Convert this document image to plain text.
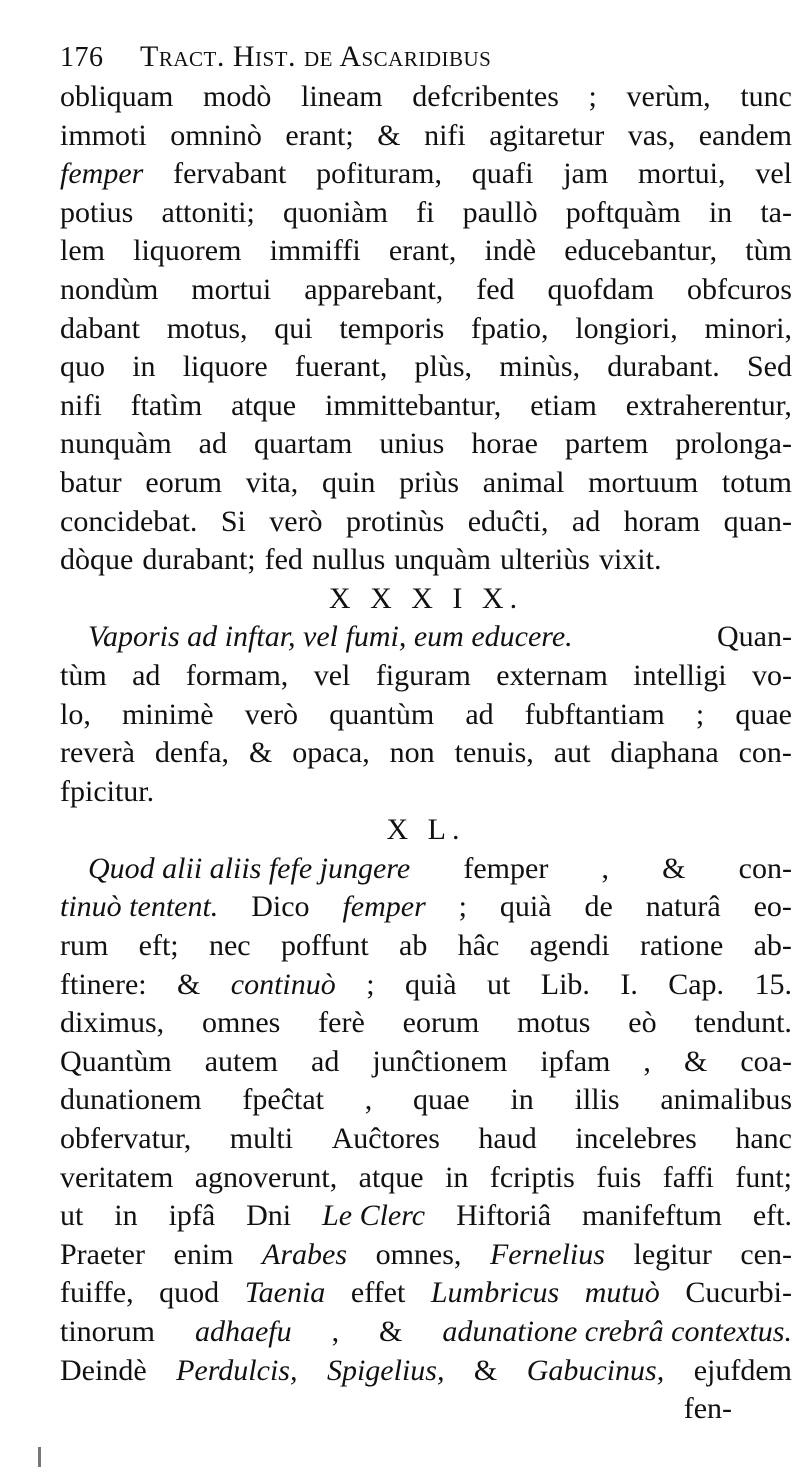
176	Tract. Hist. de Ascaridibus
obliquam modò lineam defcribentes ; verùm, tunc
immoti omninò erant; & nifi agitaretur vas, eandem
femper fervabant pofituram, quafi jam mortui, vel
potius attoniti; quoniàm fi paullò poftquàm in ta-
lem liquorem immiffi erant, indè educebantur, tùm
nondùm mortui apparebant, fed quofdam obfcuros
dabant motus, qui temporis fpatio, longiori, minori,
quo in liquore fuerant, plùs, minùs, durabant. Sed
nifi ftatìm atque immittebantur, etiam extraherentur,
nunquàm ad quartam unius horae partem prolonga-
batur eorum vita, quin priùs animal mortuum totum
concidebat. Si verò protinùs eduĉti, ad horam quan-
dòque durabant; fed nullus unquàm ulteriùs vixit.
X X X I X.
Vaporis ad inftar, vel fumi, eum educere.	Quan-
tùm ad formam, vel figuram externam intelligi vo-
lo, minimè verò quantùm ad fubftantiam ; quae
reverà denfa, & opaca, non tenuis, aut diaphana con-
fpicitur.
X L.
Quod alii aliis fefe jungere femper , & con-
tinuò tentent. Dico femper ; quià de naturâ eo-
rum eft; nec poffunt ab hâc agendi ratione ab-
ftinere: & continuò ; quià ut Lib. I. Cap. 15.
diximus, omnes ferè eorum motus eò tendunt.
Quantùm autem ad junĉtionem ipfam , & coa-
dunationem fpeĉtat , quae in illis animalibus
obfervatur, multi Auĉtores haud incelebres hanc
veritatem agnoverunt, atque in fcriptis fuis faffi funt;
ut in ipfâ Dni Le Clerc Hiftoriâ manifeftum eft.
Praeter enim Arabes omnes, Fernelius legitur cen-
fuiffe, quod Taenia effet Lumbricus mutuò Cucurbi-
tinorum adhaefu , & adunatione crebrâ contextus.
Deindè Perdulcis, Spigelius, & Gabucinus, ejufdem
fen-
